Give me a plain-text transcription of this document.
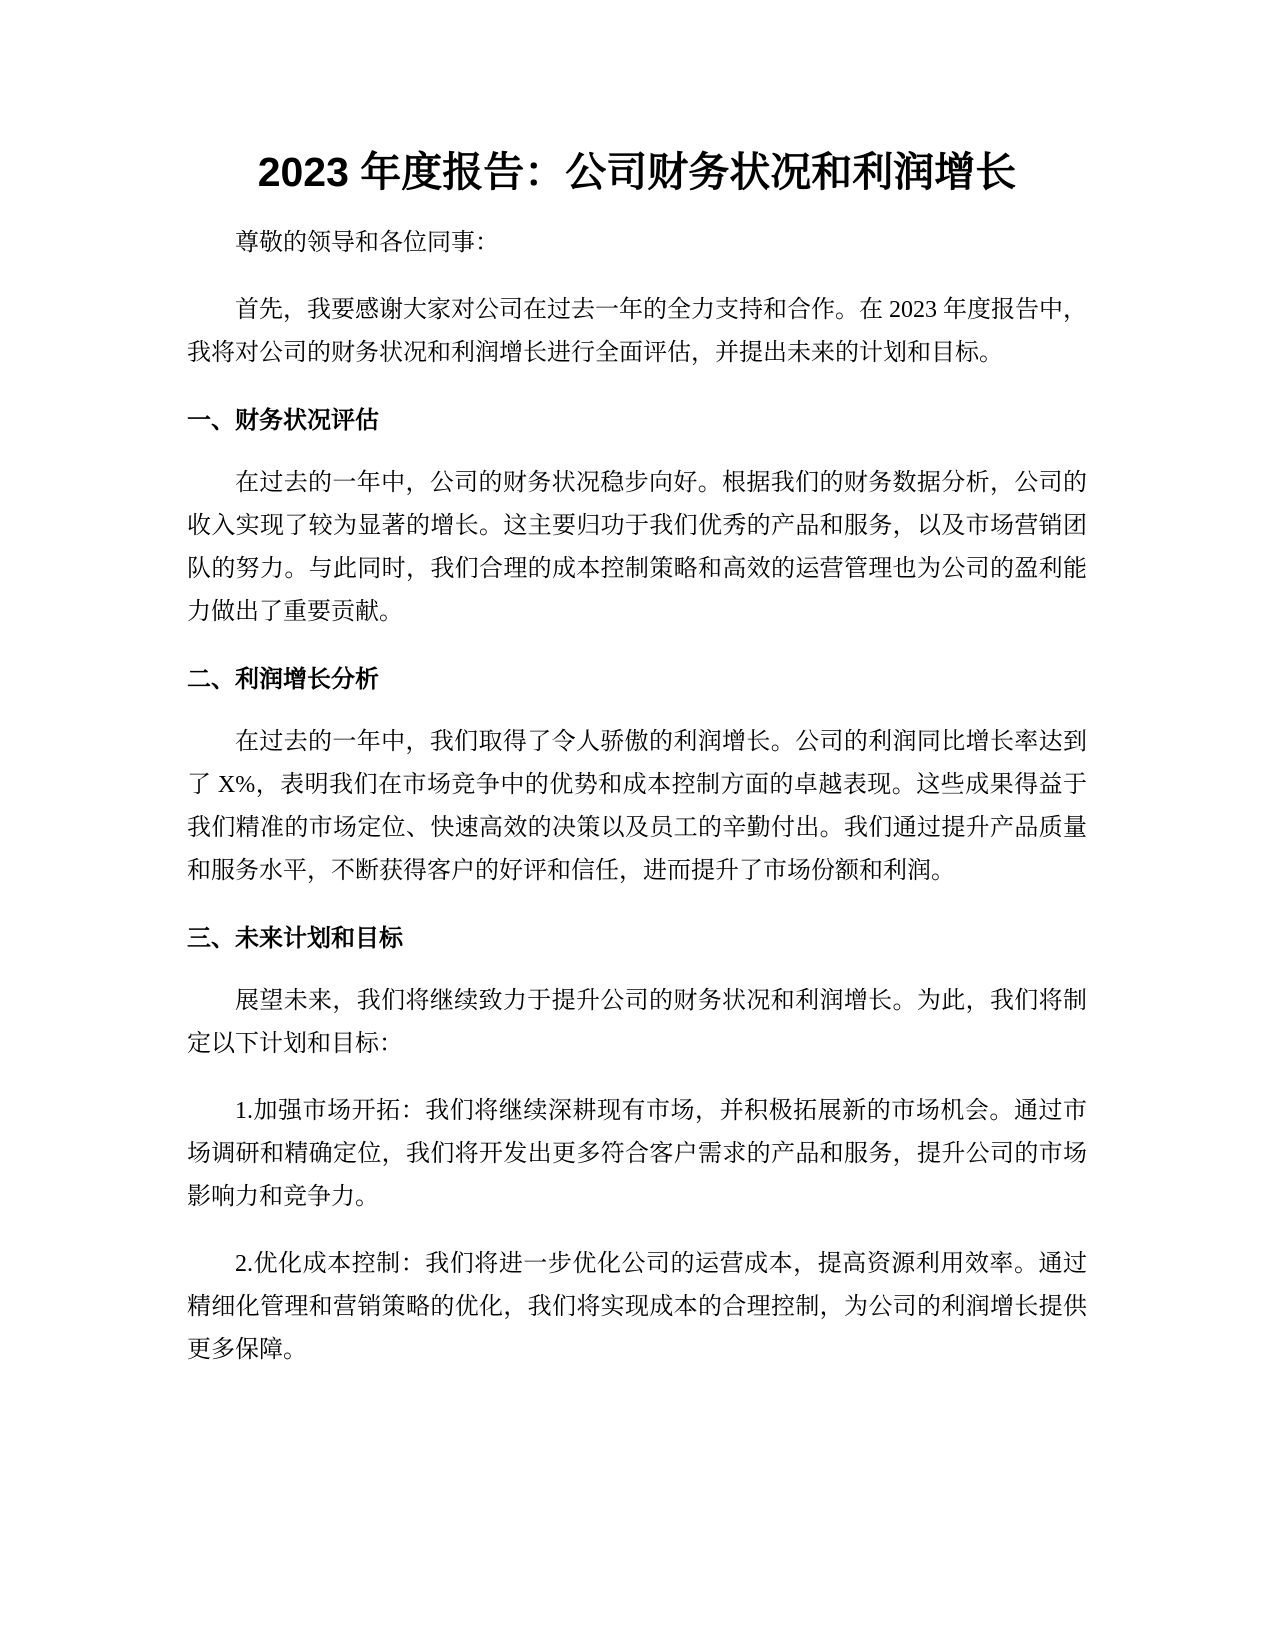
2023 年度报告：公司财务状况和利润增长

尊敬的领导和各位同事：

首先，我要感谢大家对公司在过去一年的全力支持和合作。在 2023 年度报告中，我将对公司的财务状况和利润增长进行全面评估，并提出未来的计划和目标。

一、财务状况评估

在过去的一年中，公司的财务状况稳步向好。根据我们的财务数据分析，公司的收入实现了较为显著的增长。这主要归功于我们优秀的产品和服务，以及市场营销团队的努力。与此同时，我们合理的成本控制策略和高效的运营管理也为公司的盈利能力做出了重要贡献。

二、利润增长分析

在过去的一年中，我们取得了令人骄傲的利润增长。公司的利润同比增长率达到了 X%，表明我们在市场竞争中的优势和成本控制方面的卓越表现。这些成果得益于我们精准的市场定位、快速高效的决策以及员工的辛勤付出。我们通过提升产品质量和服务水平，不断获得客户的好评和信任，进而提升了市场份额和利润。

三、未来计划和目标

展望未来，我们将继续致力于提升公司的财务状况和利润增长。为此，我们将制定以下计划和目标：

1.加强市场开拓：我们将继续深耕现有市场，并积极拓展新的市场机会。通过市场调研和精确定位，我们将开发出更多符合客户需求的产品和服务，提升公司的市场影响力和竞争力。

2.优化成本控制：我们将进一步优化公司的运营成本，提高资源利用效率。通过精细化管理和营销策略的优化，我们将实现成本的合理控制，为公司的利润增长提供更多保障。
